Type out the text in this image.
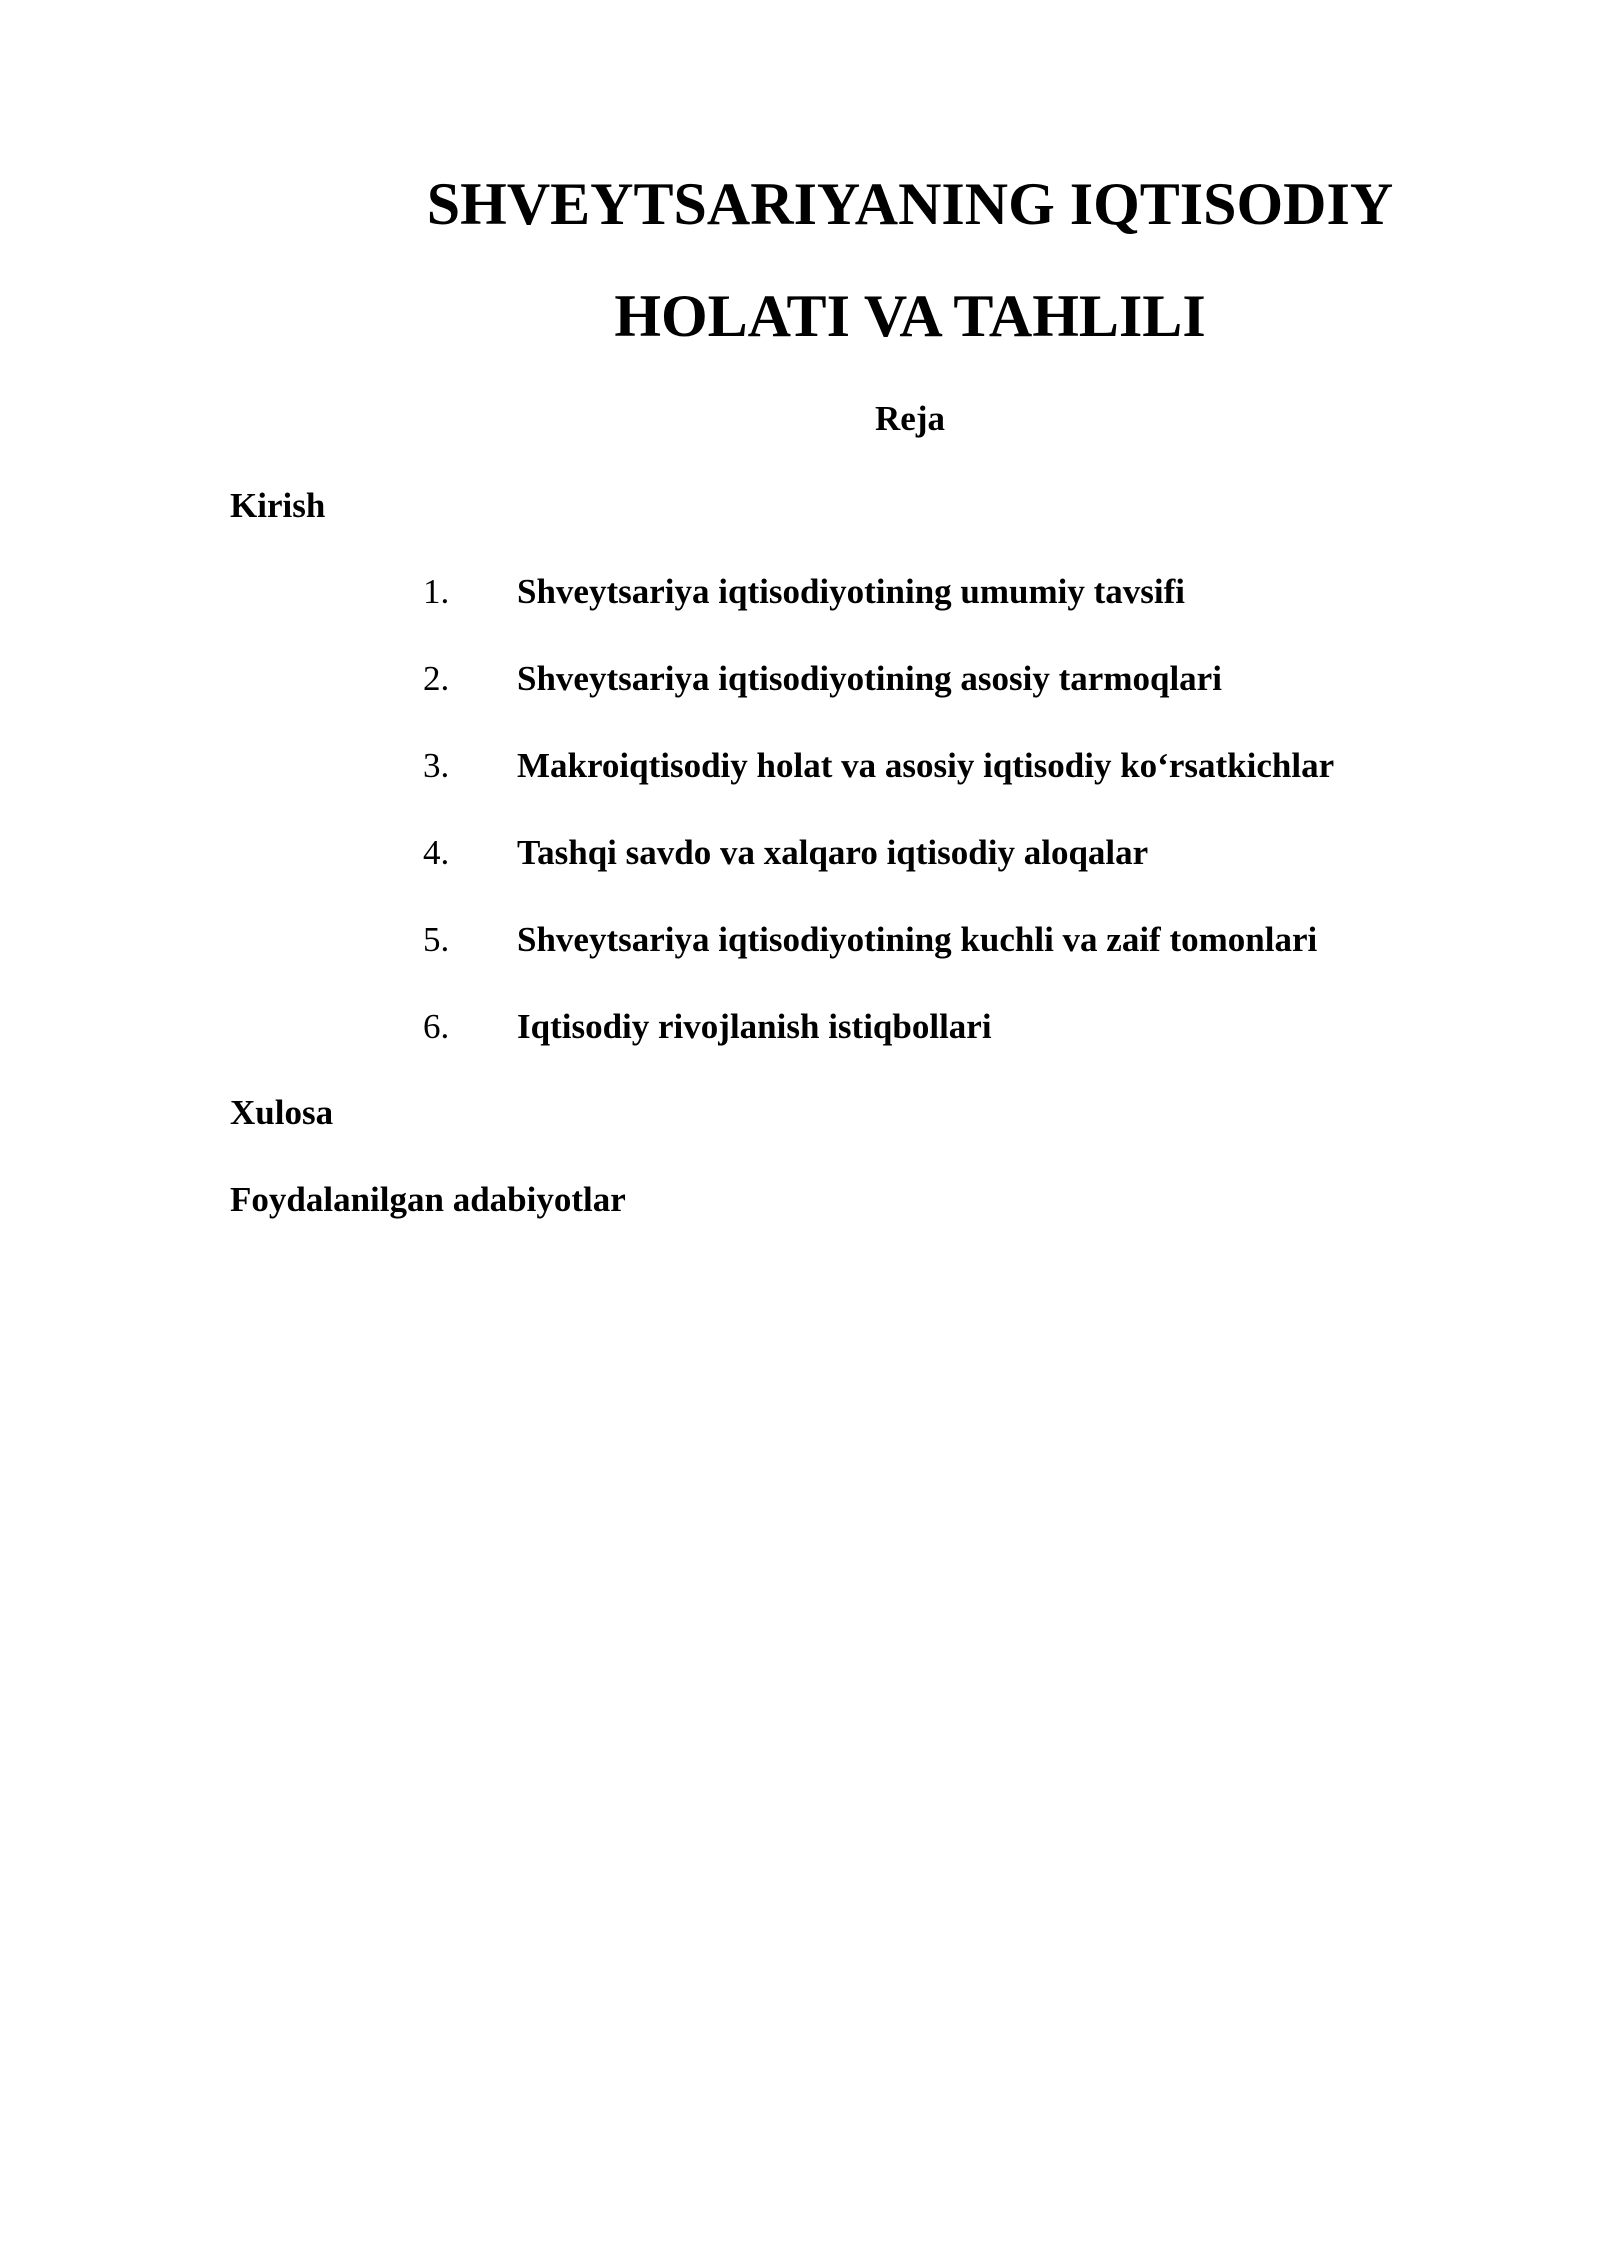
SHVEYTSARIYANING IQTISODIY
HOLATI VA TAHLILI
Reja
Kirish
1. Shveytsariya iqtisodiyotining umumiy tavsifi
2. Shveytsariya iqtisodiyotining asosiy tarmoqlari
3. Makroiqtisodiy holat va asosiy iqtisodiy ko‘rsatkichlar
4. Tashqi savdo va xalqaro iqtisodiy aloqalar
5. Shveytsariya iqtisodiyotining kuchli va zaif tomonlari
6. Iqtisodiy rivojlanish istiqbollari
Xulosa
Foydalanilgan adabiyotlar
